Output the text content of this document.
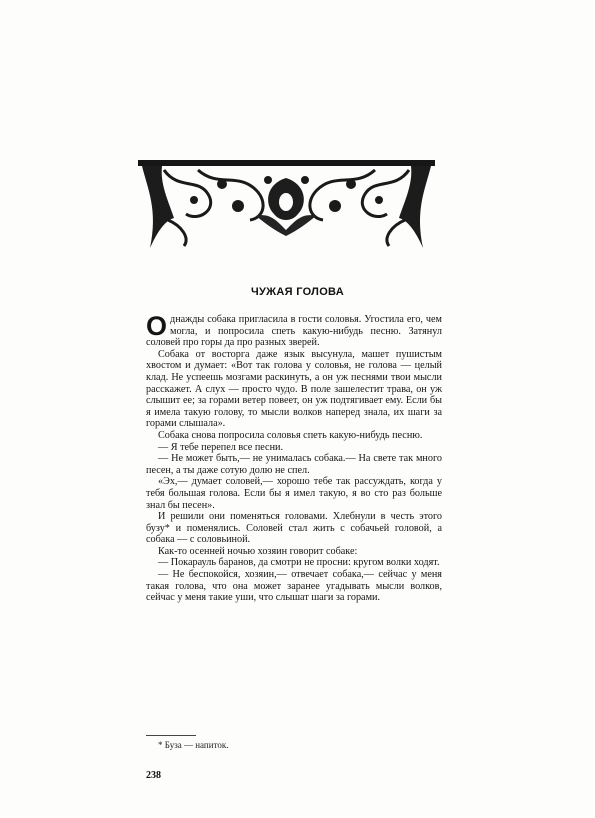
ЧУЖАЯ ГОЛОВА

Однажды собака пригласила в гости соловья. Угостила его, чем могла, и попросила спеть какую-нибудь песню. Затянул соловей про горы да про разных зверей.

Собака от восторга даже язык высунула, машет пушистым хвостом и думает: «Вот так голова у соловья, не голова — целый клад. Не успеешь мозгами раскинуть, а он уж песнями твои мысли расскажет. А слух — просто чудо. В поле зашелестит трава, он уж слышит ее; за горами ветер повеет, он уж подтягивает ему. Если бы я имела такую голову, то мысли волков наперед знала, их шаги за горами слышала».

Собака снова попросила соловья спеть какую-нибудь песню.

— Я тебе перепел все песни.

— Не может быть,— не унималась собака.— На свете так много песен, а ты даже сотую долю не спел.

«Эх,— думает соловей,— хорошо тебе так рассуждать, когда у тебя большая голова. Если бы я имел такую, я во сто раз больше знал бы песен».

И решили они поменяться головами. Хлебнули в честь этого бузу* и поменялись. Соловей стал жить с собачьей головой, а собака — с соловьиной.

Как-то осенней ночью хозяин говорит собаке:

— Покарауль баранов, да смотри не просни: кругом волки ходят.

— Не беспокойся, хозяин,— отвечает собака,— сейчас у меня такая голова, что она может заранее угадывать мысли волков, сейчас у меня такие уши, что слышат шаги за горами.

* Буза — напиток.
238
